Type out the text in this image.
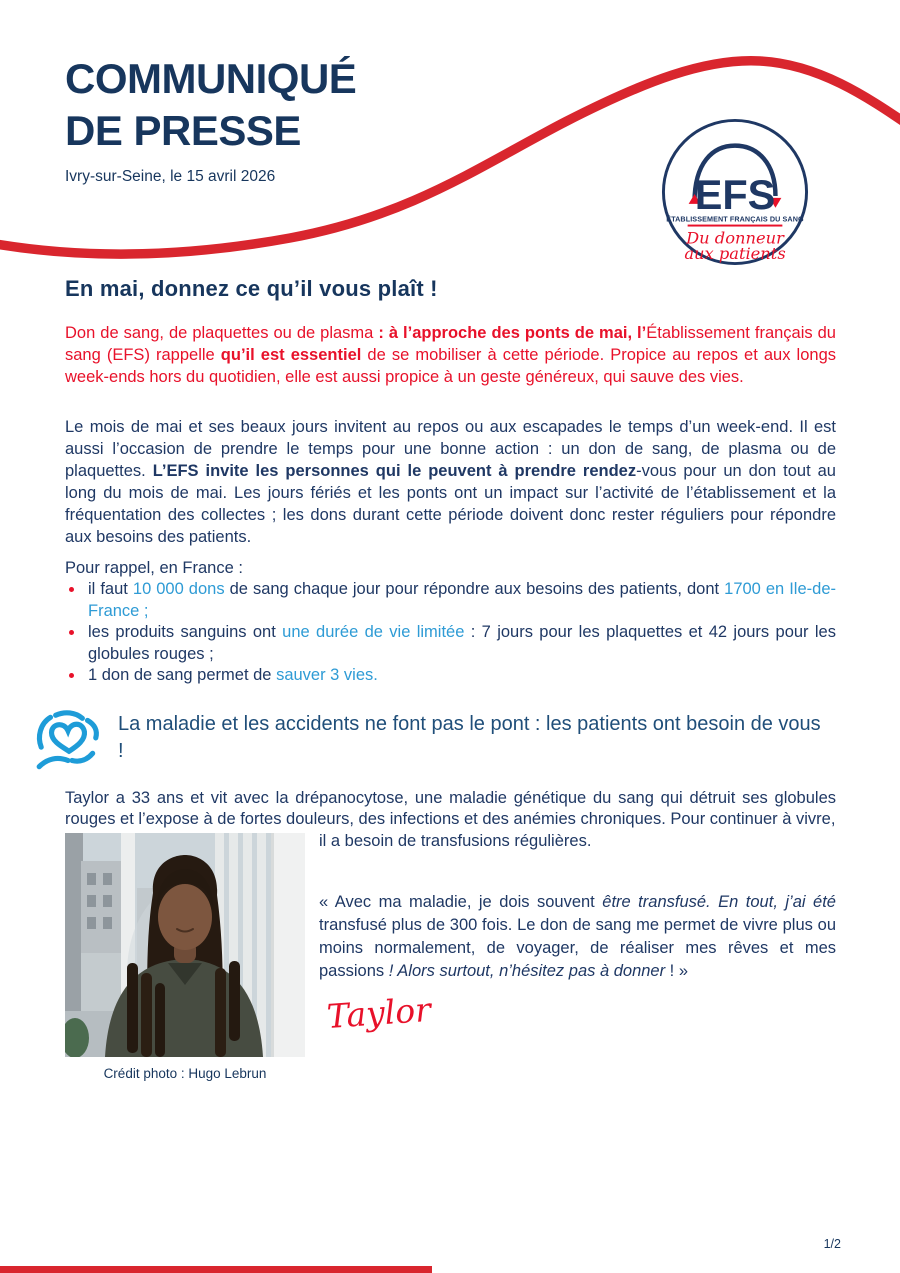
EFS
ÉTABLISSEMENT FRANÇAIS DU SANG
Du donneur
aux patients
COMMUNIQUÉ
DE PRESSE
Ivry-sur-Seine, le 15 avril 2026
En mai, donnez ce qu’il vous plaît !

Don de sang, de plaquettes ou de plasma : à l’approche des ponts de mai, l’Établissement français du sang (EFS) rappelle qu’il est essentiel de se mobiliser à cette période. Propice au repos et aux longs week-ends hors du quotidien, elle est aussi propice à un geste généreux, qui sauve des vies.

Le mois de mai et ses beaux jours invitent au repos ou aux escapades le temps d’un week-end. Il est aussi l’occasion de prendre le temps pour une bonne action : un don de sang, de plasma ou de plaquettes. L’EFS invite les personnes qui le peuvent à prendre rendez-vous pour un don tout au long du mois de mai. Les jours fériés et les ponts ont un impact sur l’activité de l’établissement et la fréquentation des collectes ; les dons durant cette période doivent donc rester réguliers pour répondre aux besoins des patients.

Pour rappel, en France :

il faut 10 000 dons de sang chaque jour pour répondre aux besoins des patients, dont 1700 en Ile-de-France ;
les produits sanguins ont une durée de vie limitée : 7 jours pour les plaquettes et 42 jours pour les globules rouges ;
1 don de sang permet de sauver 3 vies.
La maladie et les accidents ne font pas le pont : les patients ont besoin de vous !

Taylor a 33 ans et vit avec la drépanocytose, une maladie génétique du sang qui détruit ses globules rouges et l’expose à de fortes douleurs, des infections et des anémies chroniques. Pour continuer à vivre,

Crédit photo : Hugo Lebrun

il a besoin de transfusions régulières.

« Avec ma maladie, je dois souvent être transfusé. En tout, j’ai été transfusé plus de 300 fois. Le don de sang me permet de vivre plus ou moins normalement, de voyager, de réaliser mes rêves et mes passions ! Alors surtout, n’hésitez pas à donner ! »
Taylor
1/2
